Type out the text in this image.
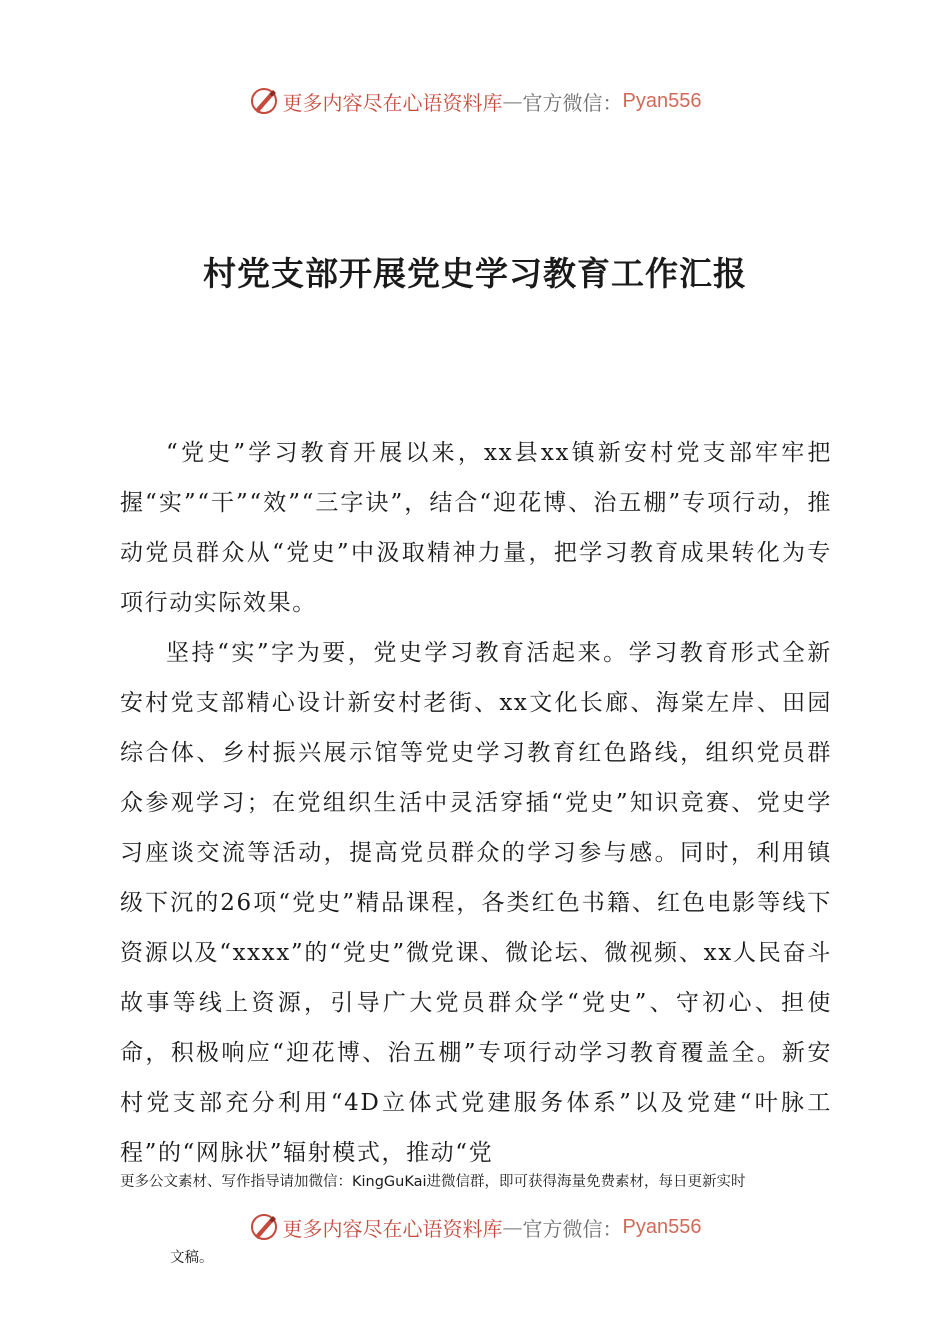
更多内容尽在心语资料库 — 官方微信： Pyan556
村党支部开展党史学习教育工作汇报

“党史”学习教育开展以来，xx县xx镇新安村党支部牢牢把握“实”“干”“效”“三字诀”，结合“迎花博、治五棚”专项行动，推动党员群众从“党史”中汲取精神力量，把学习教育成果转化为专项行动实际效果。

坚持“实”字为要，党史学习教育活起来。学习教育形式全新安村党支部精心设计新安村老街、xx文化长廊、海棠左岸、田园综合体、乡村振兴展示馆等党史学习教育红色路线，组织党员群众参观学习；在党组织生活中灵活穿插“党史”知识竞赛、党史学习座谈交流等活动，提高党员群众的学习参与感。同时，利用镇级下沉的26项“党史”精品课程，各类红色书籍、红色电影等线下资源以及“xxxx”的“党史”微党课、微论坛、微视频、xx人民奋斗故事等线上资源，引导广大党员群众学“党史”、守初心、担使命，积极响应“迎花博、治五棚”专项行动学习教育覆盖全。新安村党支部充分利用“4D立体式党建服务体系”以及党建“叶脉工程”的“网脉状”辐射模式，推动“党

更多公文素材、写作指导请加微信：KingGuKai进微信群，即可获得海量免费素材，每日更新实时
更多内容尽在心语资料库 — 官方微信： Pyan556
文稿。
